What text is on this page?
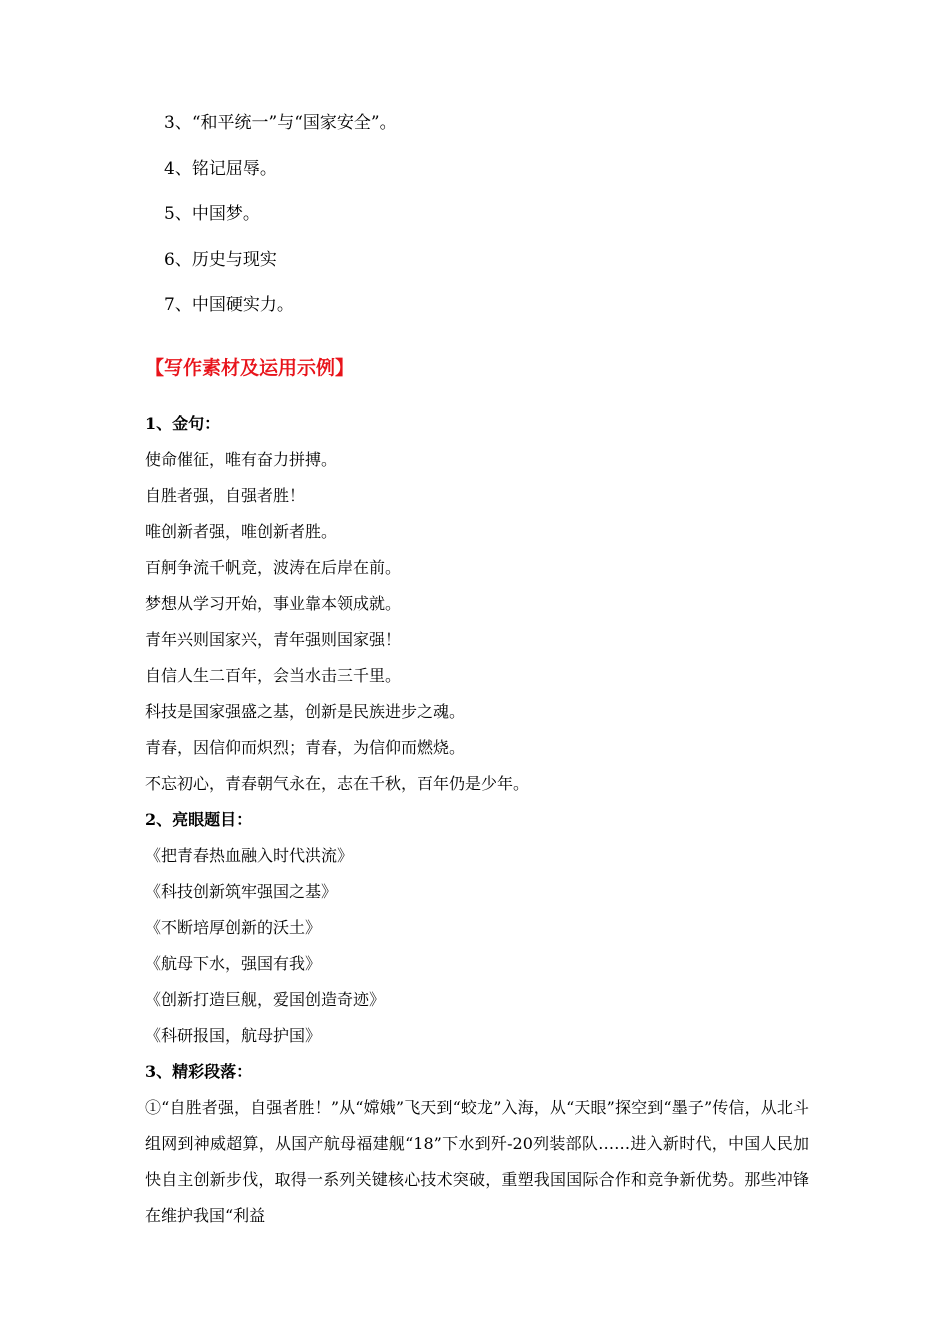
3、“和平统一”与“国家安全”。
4、铭记屈辱。
5、中国梦。
6、历史与现实
7、中国硬实力。
【写作素材及运用示例】
1、金句：
使命催征，唯有奋力拼搏。
自胜者强，自强者胜！
唯创新者强，唯创新者胜。
百舸争流千帆竞，波涛在后岸在前。
梦想从学习开始，事业靠本领成就。
青年兴则国家兴，青年强则国家强！
自信人生二百年，会当水击三千里。
科技是国家强盛之基，创新是民族进步之魂。
青春，因信仰而炽烈；青春，为信仰而燃烧。
不忘初心，青春朝气永在，志在千秋，百年仍是少年。
2、亮眼题目：
《把青春热血融入时代洪流》
《科技创新筑牢强国之基》
《不断培厚创新的沃土》
《航母下水，强国有我》
《创新打造巨舰，爱国创造奇迹》
《科研报国，航母护国》
3、精彩段落：

①“自胜者强，自强者胜！”从“嫦娥”飞天到“蛟龙”入海，从“天眼”探空到“墨子”传信，从北斗组网到神威超算，从国产航母福建舰“18”下水到歼-20列装部队……进入新时代，中国人民加快自主创新步伐，取得一系列关键核心技术突破，重塑我国国际合作和竞争新优势。那些冲锋在维护我国“利益
